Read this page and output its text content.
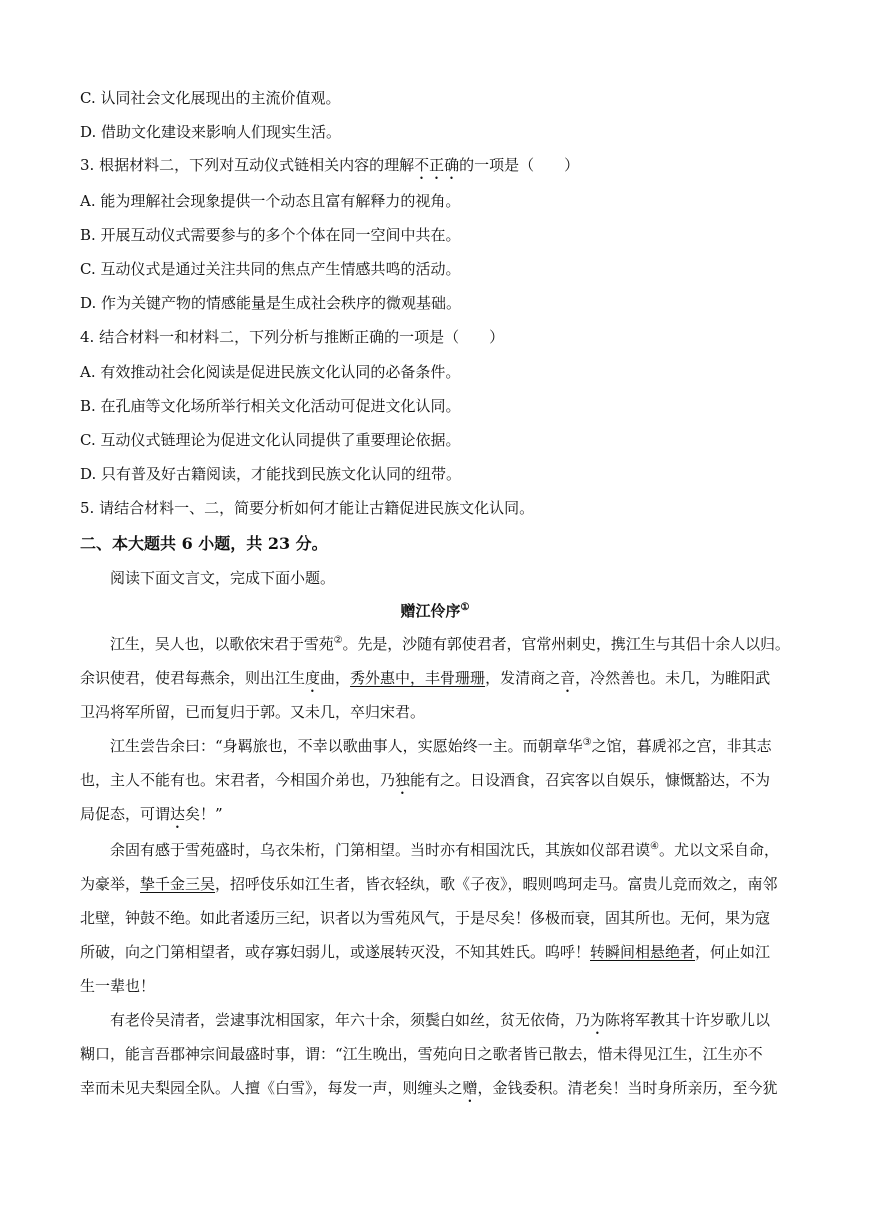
C. 认同社会文化展现出的主流价值观。
D. 借助文化建设来影响人们现实生活。
3. 根据材料二，下列对互动仪式链相关内容的理解不正确的一项是（　　）
A. 能为理解社会现象提供一个动态且富有解释力的视角。
B. 开展互动仪式需要参与的多个个体在同一空间中共在。
C. 互动仪式是通过关注共同的焦点产生情感共鸣的活动。
D. 作为关键产物的情感能量是生成社会秩序的微观基础。
4. 结合材料一和材料二，下列分析与推断正确的一项是（　　）
A. 有效推动社会化阅读是促进民族文化认同的必备条件。
B. 在孔庙等文化场所举行相关文化活动可促进文化认同。
C. 互动仪式链理论为促进文化认同提供了重要理论依据。
D. 只有普及好古籍阅读，才能找到民族文化认同的纽带。
5. 请结合材料一、二，简要分析如何才能让古籍促进民族文化认同。
二、本大题共 6 小题，共 23 分。
阅读下面文言文，完成下面小题。
赠江伶序①
江生，吴人也，以歌依宋君于雪苑②。先是，沙随有郭使君者，官常州刺史，携江生与其侣十余人以归。
余识使君，使君每燕余，则出江生度曲，秀外惠中，丰骨珊珊，发清商之音，冷然善也。未几，为睢阳武
卫冯将军所留，已而复归于郭。又未几，卒归宋君。
江生尝告余曰：“身羁旅也，不幸以歌曲事人，实愿始终一主。而朝章华③之馆，暮虒祁之宫，非其志
也，主人不能有也。宋君者，今相国介弟也，乃独能有之。日设酒食，召宾客以自娱乐，慷慨豁达，不为
局促态，可谓达矣！”
余固有感于雪苑盛时，乌衣朱桁，门第相望。当时亦有相国沈氏，其族如仪部君谟④。尤以文采自命，
为豪举，挚千金三吴，招呼伎乐如江生者，皆衣轻纨，歌《子夜》，暇则鸣珂走马。富贵儿竞而效之，南邻
北壁，钟鼓不绝。如此者逶历三纪，识者以为雪苑风气，于是尽矣！侈极而衰，固其所也。无何，果为寇
所破，向之门第相望者，或存寡妇弱儿，或遂展转灭没，不知其姓氏。呜呼！转瞬间相悬绝者，何止如江
生一辈也！
有老伶吴清者，尝逮事沈相国家，年六十余，须鬓白如丝，贫无依倚，乃为陈将军教其十许岁歌儿以
糊口，能言吾郡神宗间最盛时事，谓：“江生晚出，雪苑向日之歌者皆已散去，惜未得见江生，江生亦不
幸而未见夫梨园全队。人擅《白雪》，每发一声，则缠头之赠，金钱委积。清老矣！当时身所亲历，至今犹
